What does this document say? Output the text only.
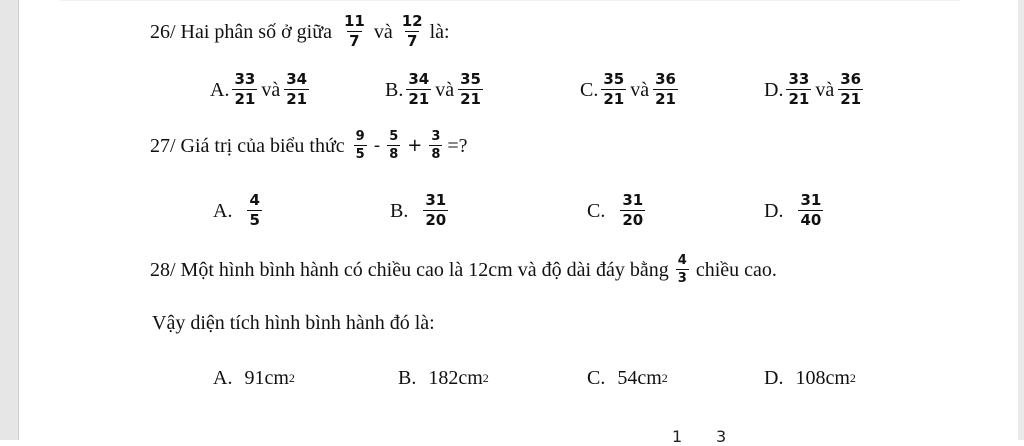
26/ Hai phân số ở giữa $\frac{11}{7}$ và $\frac{12}{7}$ là:
A. $\frac{33}{21}$ và $\frac{34}{21}$	B. $\frac{34}{21}$ và $\frac{35}{21}$	C. $\frac{35}{21}$ và $\frac{36}{21}$	D. $\frac{33}{21}$ và $\frac{36}{21}$
27/ Giá trị của biểu thức $\frac{9}{5} - \frac{5}{8} + \frac{3}{8}$ =?
A. $\frac{4}{5}$	B. $\frac{31}{20}$	C. $\frac{31}{20}$	D. $\frac{31}{40}$
28/ Một hình bình hành có chiều cao là 12cm và độ dài đáy bằng $\frac{4}{3}$ chiều cao.
Vậy diện tích hình bình hành đó là:
A. 91cm 2	B. 182cm 2	C. 54cm 2	D. 108cm 2
1 3
